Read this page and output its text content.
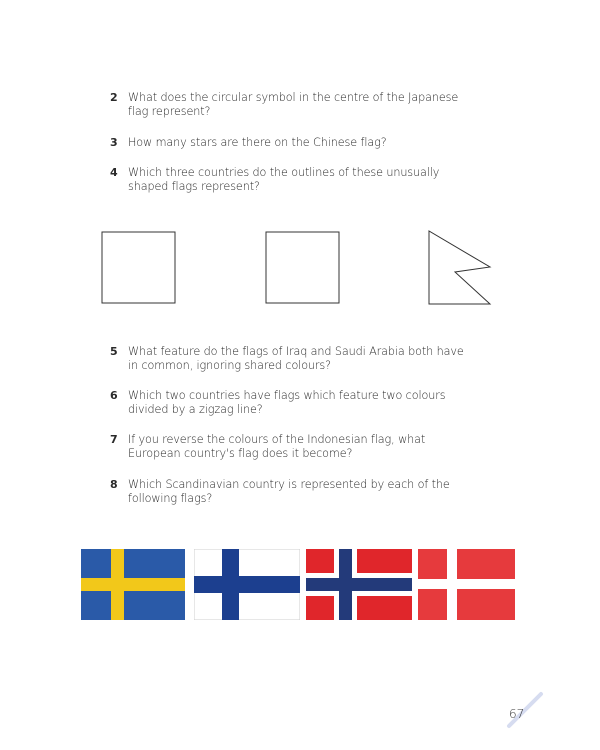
2 What does the circular symbol in the centre of the Japanese flag represent?
3 How many stars are there on the Chinese flag?
4 Which three countries do the outlines of these unusually shaped flags represent?
5 What feature do the flags of Iraq and Saudi Arabia both have in common, ignoring shared colours?
6 Which two countries have flags which feature two colours divided by a zigzag line?
7 If you reverse the colours of the Indonesian flag, what European country's flag does it become?
8 Which Scandinavian country is represented by each of the following flags?
67
